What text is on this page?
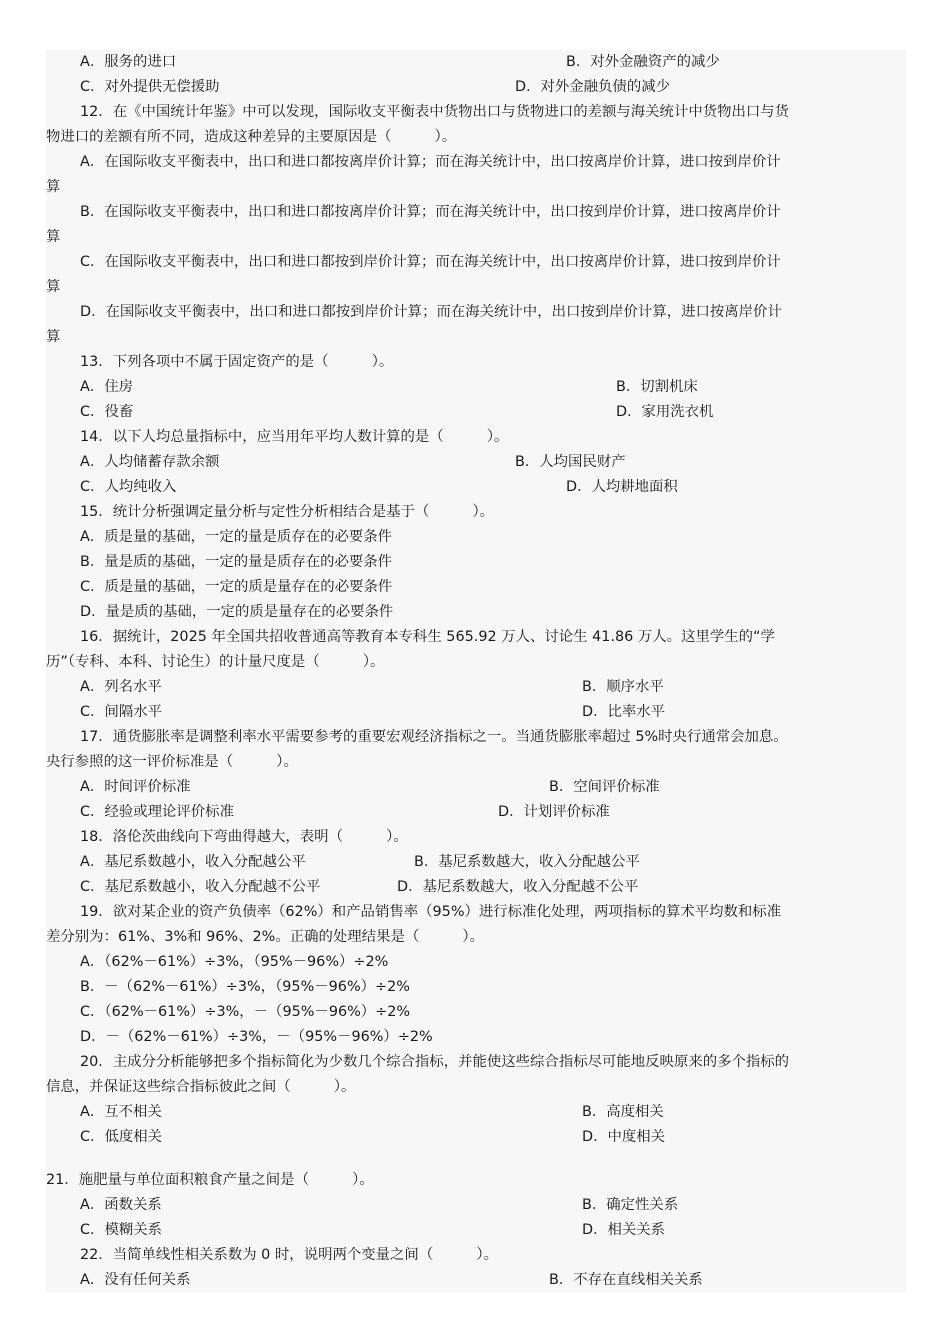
A．服务的进口	B．对外金融资产的减少
C．对外提供无偿援助	D．对外金融负债的减少
12．在《中国统计年鉴》中可以发现，国际收支平衡表中货物出口与货物进口的差额与海关统计中货物出口与货
物进口的差额有所不同，造成这种差异的主要原因是（　　　）。
A．在国际收支平衡表中，出口和进口都按离岸价计算；而在海关统计中，出口按离岸价计算，进口按到岸价计
算
B．在国际收支平衡表中，出口和进口都按离岸价计算；而在海关统计中，出口按到岸价计算，进口按离岸价计
算
C．在国际收支平衡表中，出口和进口都按到岸价计算；而在海关统计中，出口按离岸价计算，进口按到岸价计
算
D．在国际收支平衡表中，出口和进口都按到岸价计算；而在海关统计中，出口按到岸价计算，进口按离岸价计
算
13．下列各项中不属于固定资产的是（　　　）。
A．住房	B．切割机床
C．役畜	D．家用洗衣机
14．以下人均总量指标中，应当用年平均人数计算的是（　　　）。
A．人均储蓄存款余额	B．人均国民财产
C．人均纯收入	D．人均耕地面积
15．统计分析强调定量分析与定性分析相结合是基于（　　　）。
A．质是量的基础，一定的量是质存在的必要条件
B．量是质的基础，一定的量是质存在的必要条件
C．质是量的基础，一定的质是量存在的必要条件
D．量是质的基础，一定的质是量存在的必要条件
16．据统计，2025 年全国共招收普通高等教育本专科生 565.92 万人、讨论生 41.86 万人。这里学生的“学
历”（专科、本科、讨论生）的计量尺度是（　　　）。
A．列名水平	B．顺序水平
C．间隔水平	D．比率水平
17．通货膨胀率是调整利率水平需要参考的重要宏观经济指标之一。当通货膨胀率超过 5%时央行通常会加息。
央行参照的这一评价标准是（　　　）。
A．时间评价标准	B．空间评价标准
C．经验或理论评价标准	D．计划评价标准
18．洛伦茨曲线向下弯曲得越大，表明（　　　）。
A．基尼系数越小，收入分配越公平	B．基尼系数越大，收入分配越公平
C．基尼系数越小，收入分配越不公平	D．基尼系数越大，收入分配越不公平
19．欲对某企业的资产负债率（62%）和产品销售率（95%）进行标准化处理，两项指标的算术平均数和标准
差分别为：61%、3%和 96%、2%。正确的处理结果是（　　　）。
A．（62%－61%）÷3%，（95%－96%）÷2%
B．－（62%－61%）÷3%，（95%－96%）÷2%
C．（62%－61%）÷3%，－（95%－96%）÷2%
D．－（62%－61%）÷3%，－（95%－96%）÷2%
20．主成分分析能够把多个指标简化为少数几个综合指标，并能使这些综合指标尽可能地反映原来的多个指标的
信息，并保证这些综合指标彼此之间（　　　）。
A．互不相关	B．高度相关
C．低度相关	D．中度相关
21．施肥量与单位面积粮食产量之间是（　　　）。
A．函数关系	B．确定性关系
C．模糊关系	D．相关关系
22．当简单线性相关系数为 0 时，说明两个变量之间（　　　）。
A．没有任何关系	B．不存在直线相关关系
